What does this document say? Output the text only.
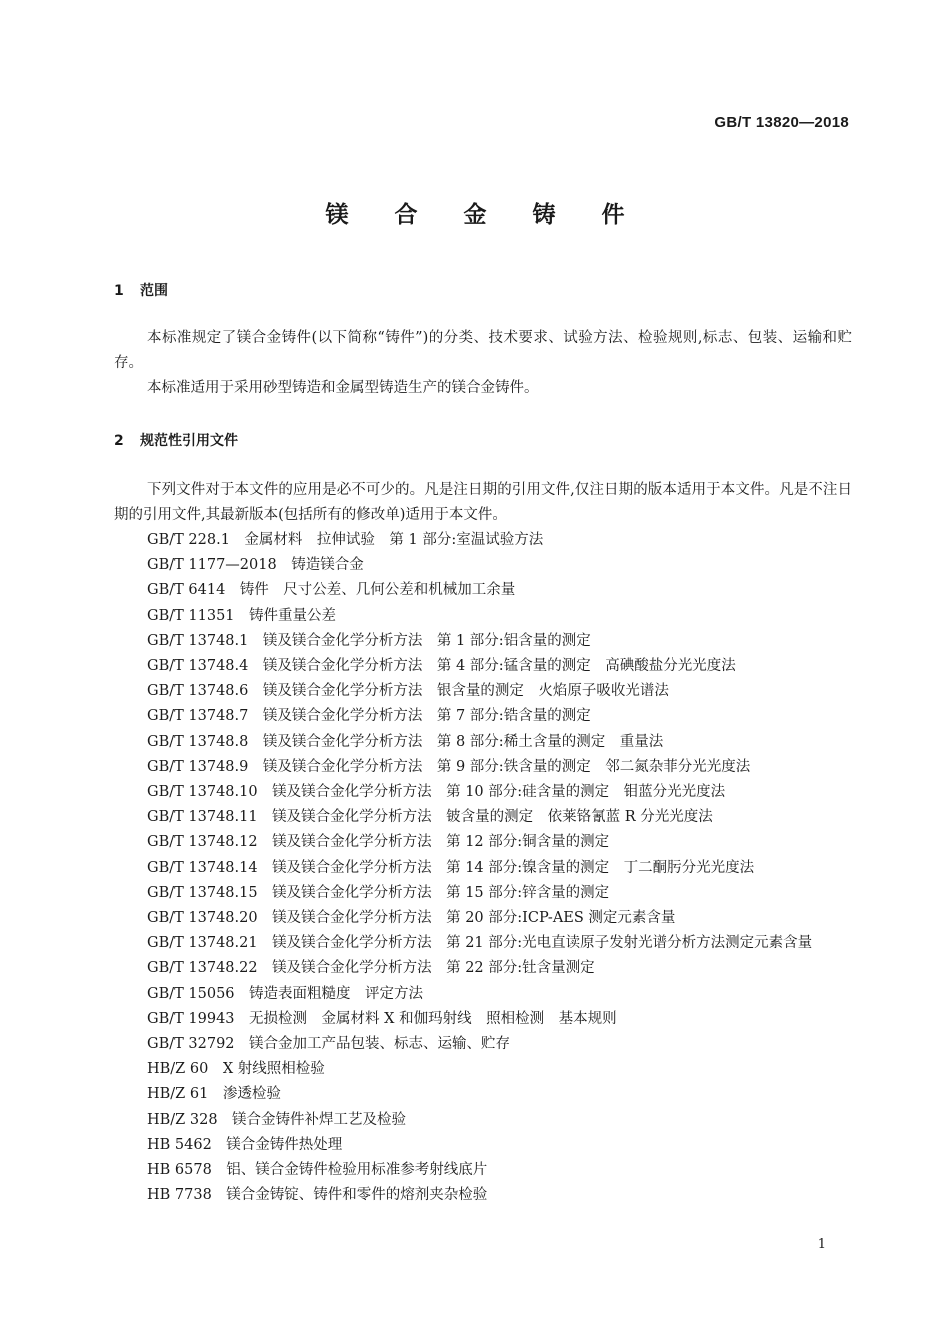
GB/T 13820—2018
镁 合 金 铸 件
1 范围

本标准规定了镁合金铸件(以下简称“铸件”)的分类、技术要求、试验方法、检验规则,标志、包装、运输和贮存。

本标准适用于采用砂型铸造和金属型铸造生产的镁合金铸件。

2 规范性引用文件

下列文件对于本文件的应用是必不可少的。凡是注日期的引用文件,仅注日期的版本适用于本文件。凡是不注日期的引用文件,其最新版本(包括所有的修改单)适用于本文件。

GB/T 228.1　金属材料　拉伸试验　第 1 部分:室温试验方法
GB/T 1177—2018　铸造镁合金
GB/T 6414　铸件　尺寸公差、几何公差和机械加工余量
GB/T 11351　铸件重量公差
GB/T 13748.1　镁及镁合金化学分析方法　第 1 部分:铝含量的测定
GB/T 13748.4　镁及镁合金化学分析方法　第 4 部分:锰含量的测定　高碘酸盐分光光度法
GB/T 13748.6　镁及镁合金化学分析方法　银含量的测定　火焰原子吸收光谱法
GB/T 13748.7　镁及镁合金化学分析方法　第 7 部分:锆含量的测定
GB/T 13748.8　镁及镁合金化学分析方法　第 8 部分:稀土含量的测定　重量法
GB/T 13748.9　镁及镁合金化学分析方法　第 9 部分:铁含量的测定　邻二氮杂菲分光光度法
GB/T 13748.10　镁及镁合金化学分析方法　第 10 部分:硅含量的测定　钼蓝分光光度法
GB/T 13748.11　镁及镁合金化学分析方法　铍含量的测定　依莱铬氰蓝 R 分光光度法
GB/T 13748.12　镁及镁合金化学分析方法　第 12 部分:铜含量的测定
GB/T 13748.14　镁及镁合金化学分析方法　第 14 部分:镍含量的测定　丁二酮肟分光光度法
GB/T 13748.15　镁及镁合金化学分析方法　第 15 部分:锌含量的测定
GB/T 13748.20　镁及镁合金化学分析方法　第 20 部分:ICP-AES 测定元素含量
GB/T 13748.21　镁及镁合金化学分析方法　第 21 部分:光电直读原子发射光谱分析方法测定元素含量
GB/T 13748.22　镁及镁合金化学分析方法　第 22 部分:钍含量测定
GB/T 15056　铸造表面粗糙度　评定方法
GB/T 19943　无损检测　金属材料 X 和伽玛射线　照相检测　基本规则
GB/T 32792　镁合金加工产品包装、标志、运输、贮存
HB/Z 60　X 射线照相检验
HB/Z 61　渗透检验
HB/Z 328　镁合金铸件补焊工艺及检验
HB 5462　镁合金铸件热处理
HB 6578　铝、镁合金铸件检验用标准参考射线底片
HB 7738　镁合金铸锭、铸件和零件的熔剂夹杂检验
1
